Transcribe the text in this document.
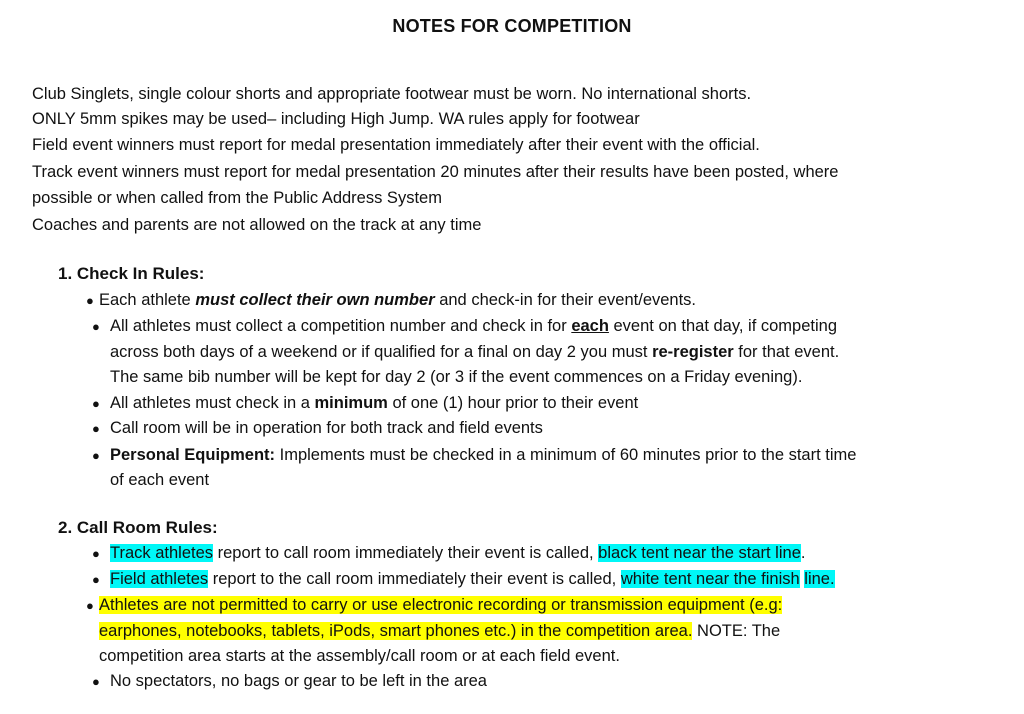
NOTES FOR COMPETITION
Club Singlets, single colour shorts and appropriate footwear must be worn. No international shorts.
ONLY 5mm spikes may be used– including High Jump. WA rules apply for footwear
Field event winners must report for medal presentation immediately after their event with the official.
Track event winners must report for medal presentation 20 minutes after their results have been posted, where
possible or when called from the Public Address System
Coaches and parents are not allowed on the track at any time
1. Check In Rules:
● Each athlete must collect their own number and check-in for their event/events.
● All athletes must collect a competition number and check in for each event on that day, if competing
across both days of a weekend or if qualified for a final on day 2 you must re-register for that event.
The same bib number will be kept for day 2 (or 3 if the event commences on a Friday evening).
● All athletes must check in a minimum of one (1) hour prior to their event
● Call room will be in operation for both track and field events
● Personal Equipment: Implements must be checked in a minimum of 60 minutes prior to the start time
of each event
2. Call Room Rules:
● Track athletes report to call room immediately their event is called, black tent near the start line.
● Field athletes report to the call room immediately their event is called, white tent near the finish line.
● Athletes are not permitted to carry or use electronic recording or transmission equipment (e.g:
earphones, notebooks, tablets, iPods, smart phones etc.) in the competition area. NOTE: The
competition area starts at the assembly/call room or at each field event.
● No spectators, no bags or gear to be left in the area
